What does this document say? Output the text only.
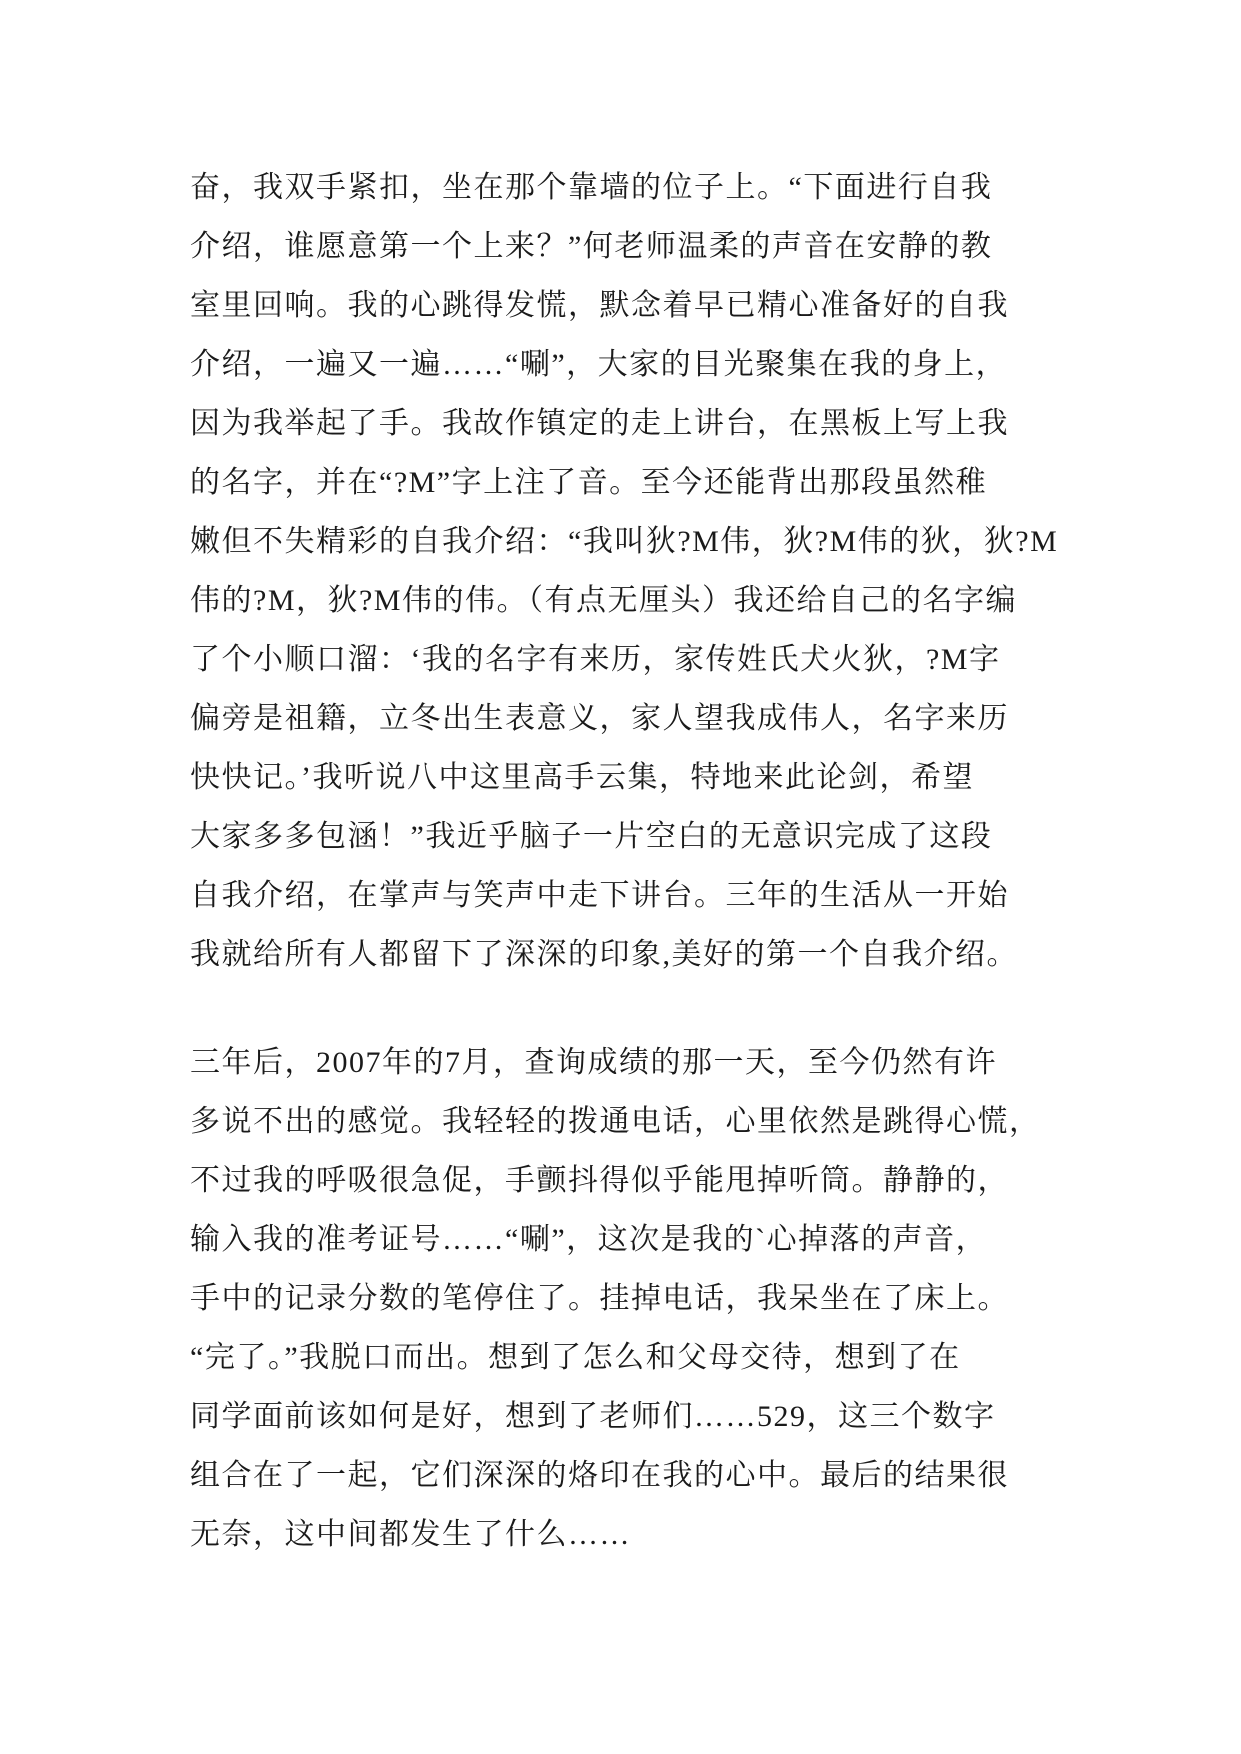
奋，我双手紧扣，坐在那个靠墙的位子上。“下面进行自我
介绍，谁愿意第一个上来？”何老师温柔的声音在安静的教
室里回响。我的心跳得发慌，默念着早已精心准备好的自我
介绍，一遍又一遍……“唰”，大家的目光聚集在我的身上，
因为我举起了手。我故作镇定的走上讲台，在黑板上写上我
的名字，并在“?M”字上注了音。至今还能背出那段虽然稚
嫩但不失精彩的自我介绍：“我叫狄?M伟，狄?M伟的狄，狄?M
伟的?M，狄?M伟的伟。（有点无厘头）我还给自己的名字编
了个小顺口溜：‘我的名字有来历，家传姓氏犬火狄，?M字
偏旁是祖籍，立冬出生表意义，家人望我成伟人，名字来历
快快记。’我听说八中这里高手云集，特地来此论剑，希望
大家多多包涵！”我近乎脑子一片空白的无意识完成了这段
自我介绍，在掌声与笑声中走下讲台。三年的生活从一开始
我就给所有人都留下了深深的印象,美好的第一个自我介绍。
三年后，2007年的7月，查询成绩的那一天，至今仍然有许
多说不出的感觉。我轻轻的拨通电话，心里依然是跳得心慌，
不过我的呼吸很急促，手颤抖得似乎能甩掉听筒。静静的，
输入我的准考证号……“唰”，这次是我的`心掉落的声音，
手中的记录分数的笔停住了。挂掉电话，我呆坐在了床上。
“完了。”我脱口而出。想到了怎么和父母交待，想到了在
同学面前该如何是好，想到了老师们……529，这三个数字
组合在了一起，它们深深的烙印在我的心中。最后的结果很
无奈，这中间都发生了什么……
